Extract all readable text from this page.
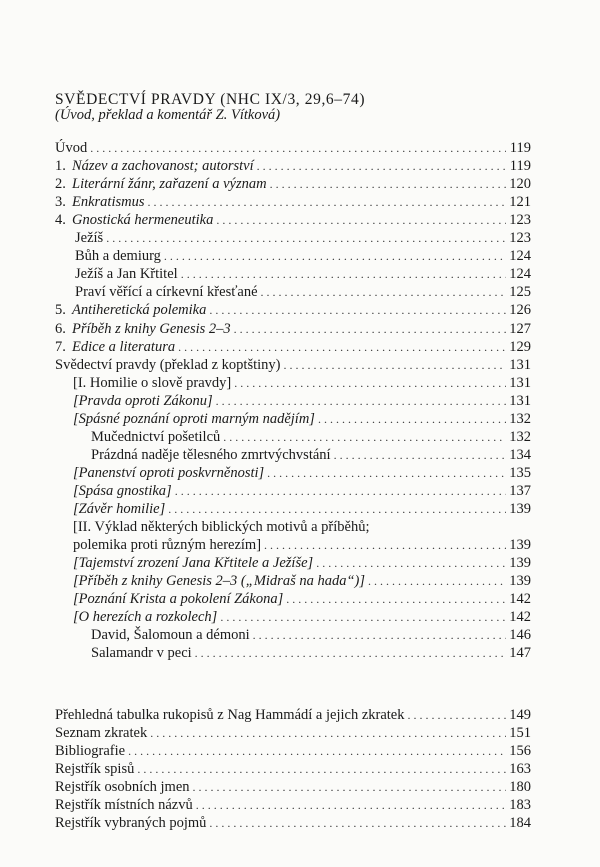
SVĚDECTVÍ PRAVDY (NHC IX/3, 29,6–74)
(Úvod, překlad a komentář Z. Vítková)
Úvod . . .	119
1. Název a zachovanost; autorství . . .	119
2. Literární žánr, zařazení a význam . . .	120
3. Enkratismus . . .	121
4. Gnostická hermeneutika . . .	123
Ježíš . . .	123
Bůh a demiurg . . .	124
Ježíš a Jan Křtitel . . .	124
Praví věřící a církevní křesťané . . .	125
5. Antiheretická polemika . . .	126
6. Příběh z knihy Genesis 2–3 . . .	127
7. Edice a literatura . . .	129
Svědectví pravdy (překlad z koptštiny) . . .	131
[I. Homilie o slově pravdy] . . .	131
[Pravda oproti Zákonu] . . .	131
[Spásné poznání oproti marným nadějím] . . .	132
Mučednictví pošetilců . . .	132
Prázdná naděje tělesného zmrtvýchvstání . . .	134
[Panenství oproti poskvrněnosti] . . .	135
[Spása gnostika] . . .	137
[Závěr homilie] . . .	139
[II. Výklad některých biblických motivů a příběhů;
polemika proti různým herezím] . . .	139
[Tajemství zrození Jana Křtitele a Ježíše] . . .	139
[Příběh z knihy Genesis 2–3 („Midraš na hada“)] . . .	139
[Poznání Krista a pokolení Zákona] . . .	142
[O herezích a rozkolech] . . .	142
David, Šalomoun a démoni . . .	146
Salamandr v peci . . .	147
Přehledná tabulka rukopisů z Nag Hammádí a jejich zkratek . . .	149
Seznam zkratek . . .	151
Bibliografie . . .	156
Rejstřík spisů . . .	163
Rejstřík osobních jmen . . .	180
Rejstřík místních názvů . . .	183
Rejstřík vybraných pojmů . . .	184
